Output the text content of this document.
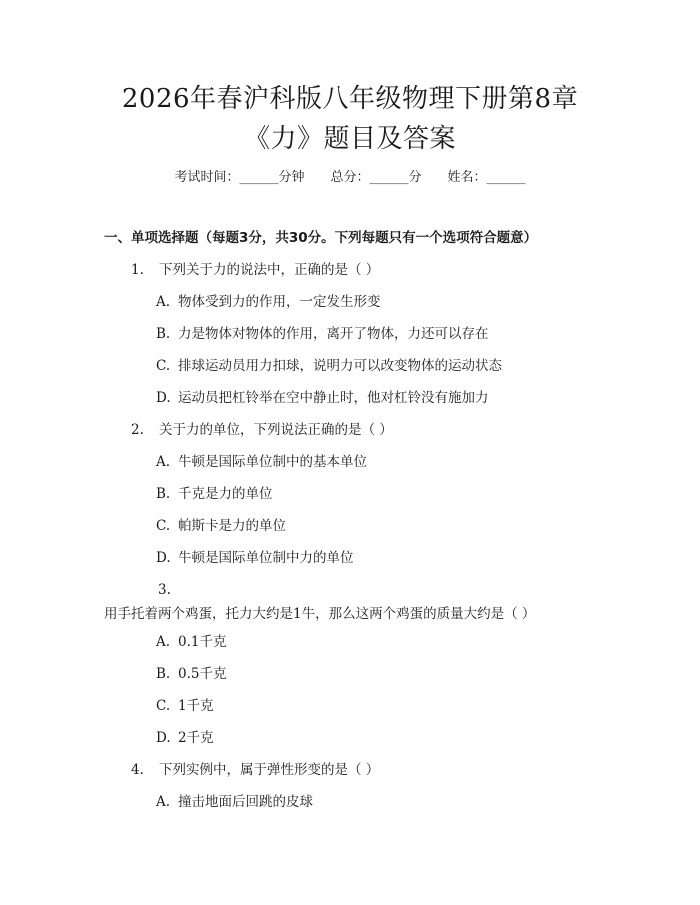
2026年春沪科版八年级物理下册第8章
《力》题目及答案
考试时间：______分钟 总分：______分 姓名：______
一、单项选择题（每题3分，共30分。下列每题只有一个选项符合题意）
1. 下列关于力的说法中，正确的是（ ）
A. 物体受到力的作用，一定发生形变
B. 力是物体对物体的作用，离开了物体，力还可以存在
C. 排球运动员用力扣球，说明力可以改变物体的运动状态
D. 运动员把杠铃举在空中静止时，他对杠铃没有施加力
2. 关于力的单位，下列说法正确的是（ ）
A. 牛顿是国际单位制中的基本单位
B. 千克是力的单位
C. 帕斯卡是力的单位
D. 牛顿是国际单位制中力的单位
3.用手托着两个鸡蛋，托力大约是1牛，那么这两个鸡蛋的质量大约是（ ）
A. 0.1千克
B. 0.5千克
C. 1千克
D. 2千克
4. 下列实例中，属于弹性形变的是（ ）
A. 撞击地面后回跳的皮球
